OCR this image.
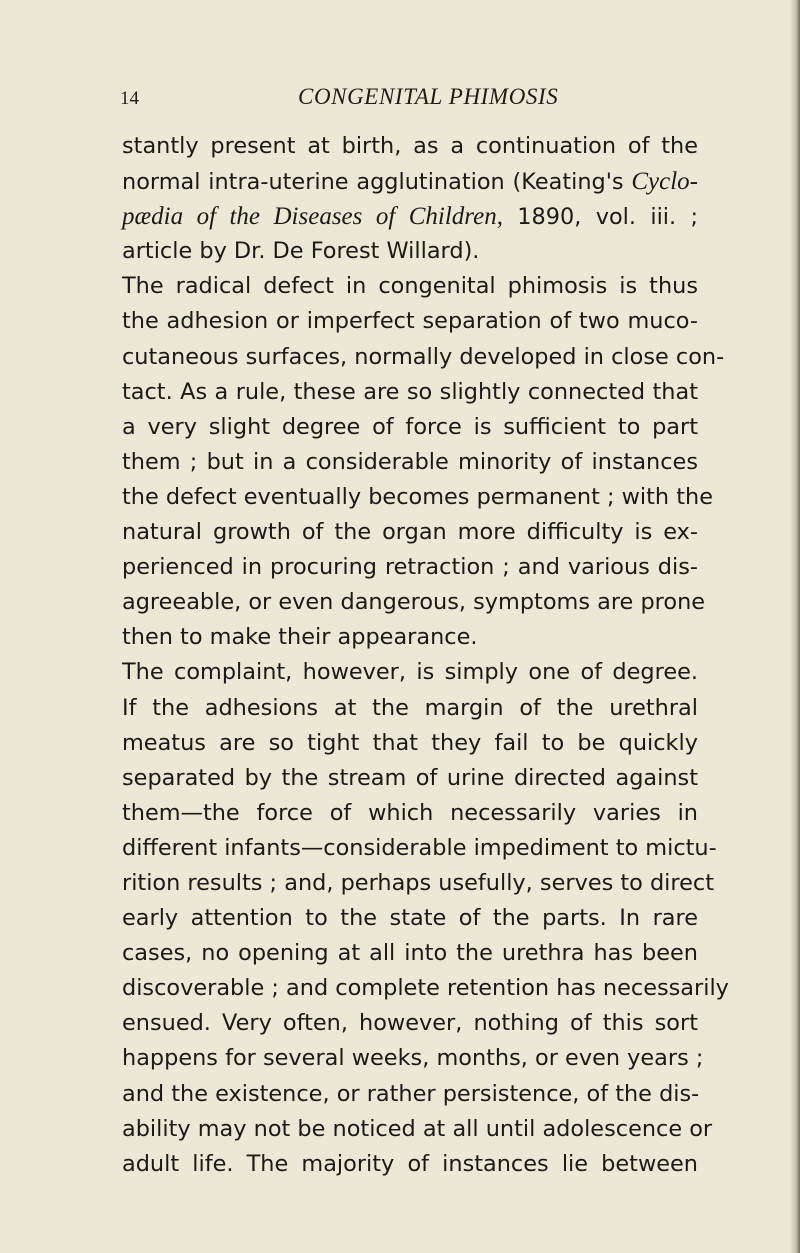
14	CONGENITAL PHIMOSIS
stantly present at birth, as a continuation of the
normal intra-uterine agglutination (Keating's Cyclo-
pædia of the Diseases of Children, 1890, vol. iii. ;
article by Dr. De Forest Willard).
The radical defect in congenital phimosis is thus
the adhesion or imperfect separation of two muco-
cutaneous surfaces, normally developed in close con-
tact. As a rule, these are so slightly connected that
a very slight degree of force is sufficient to part
them ; but in a considerable minority of instances
the defect eventually becomes permanent ; with the
natural growth of the organ more difficulty is ex-
perienced in procuring retraction ; and various dis-
agreeable, or even dangerous, symptoms are prone
then to make their appearance.
The complaint, however, is simply one of degree.
If the adhesions at the margin of the urethral
meatus are so tight that they fail to be quickly
separated by the stream of urine directed against
them—the force of which necessarily varies in
different infants—considerable impediment to mictu-
rition results ; and, perhaps usefully, serves to direct
early attention to the state of the parts. In rare
cases, no opening at all into the urethra has been
discoverable ; and complete retention has necessarily
ensued. Very often, however, nothing of this sort
happens for several weeks, months, or even years ;
and the existence, or rather persistence, of the dis-
ability may not be noticed at all until adolescence or
adult life. The majority of instances lie between
